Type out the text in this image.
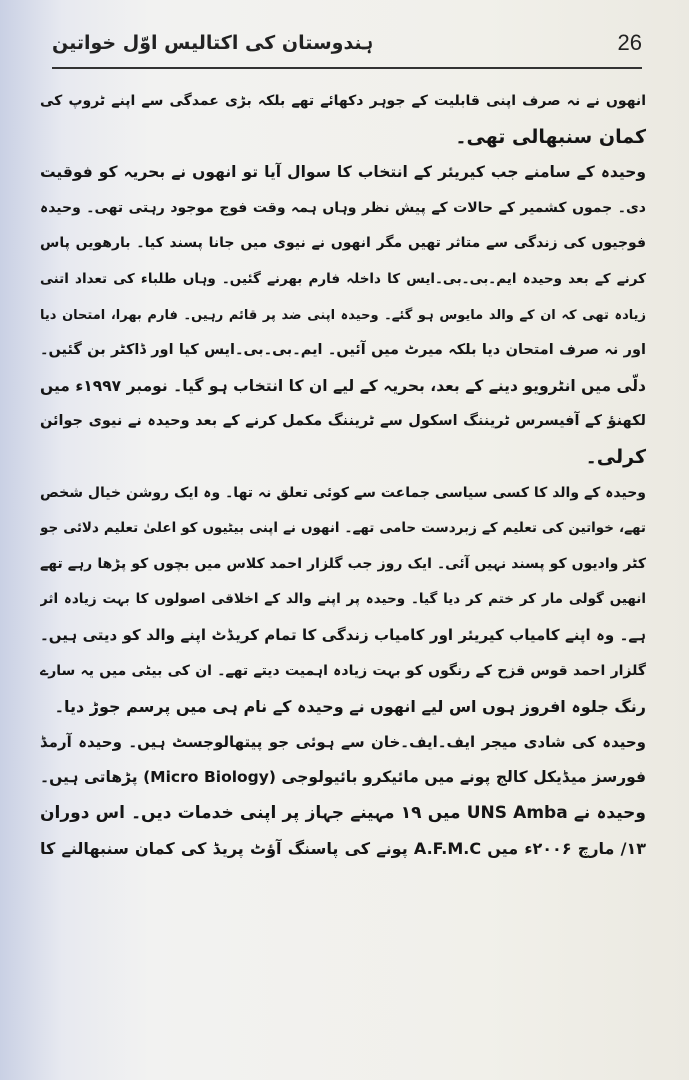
ہندوستان کی اکتالیس اوّل خواتین	26
انھوں نے نہ صرف اپنی قابلیت کے جوہر دکھائے تھے بلکہ بڑی عمدگی سے اپنے ٹروپ کی
کمان سنبھالی تھی۔
وحیدہ کے سامنے جب کیریئر کے انتخاب کا سوال آیا تو انھوں نے بحریہ کو فوقیت
دی۔ جموں کشمیر کے حالات کے پیش نظر وہاں ہمہ وقت فوج موجود رہتی تھی۔ وحیدہ
فوجیوں کی زندگی سے متاثر تھیں مگر انھوں نے نیوی میں جانا پسند کیا۔ بارھویں پاس
کرنے کے بعد وحیدہ ایم۔بی۔بی۔ایس کا داخلہ فارم بھرنے گئیں۔ وہاں طلباء کی تعداد اتنی
زیادہ تھی کہ ان کے والد مایوس ہو گئے۔ وحیدہ اپنی ضد پر قائم رہیں۔ فارم بھرا، امتحان دیا
اور نہ صرف امتحان دیا بلکہ میرٹ میں آئیں۔ ایم۔بی۔بی۔ایس کیا اور ڈاکٹر بن گئیں۔
دلّی میں انٹرویو دینے کے بعد، بحریہ کے لیے ان کا انتخاب ہو گیا۔ نومبر ۱۹۹۷ء میں
لکھنؤ کے آفیسرس ٹریننگ اسکول سے ٹریننگ مکمل کرنے کے بعد وحیدہ نے نیوی جوائن
کرلی۔
وحیدہ کے والد کا کسی سیاسی جماعت سے کوئی تعلق نہ تھا۔ وہ ایک روشن خیال شخص
تھے، خواتین کی تعلیم کے زبردست حامی تھے۔ انھوں نے اپنی بیٹیوں کو اعلیٰ تعلیم دلائی جو
کٹر وادیوں کو پسند نہیں آئی۔ ایک روز جب گلزار احمد کلاس میں بچوں کو پڑھا رہے تھے
انھیں گولی مار کر ختم کر دیا گیا۔ وحیدہ پر اپنے والد کے اخلاقی اصولوں کا بہت زیادہ اثر
ہے۔ وہ اپنے کامیاب کیریئر اور کامیاب زندگی کا تمام کریڈٹ اپنے والد کو دیتی ہیں۔
گلزار احمد قوس قزح کے رنگوں کو بہت زیادہ اہمیت دیتے تھے۔ ان کی بیٹی میں یہ سارے
رنگ جلوہ افروز ہوں اس لیے انھوں نے وحیدہ کے نام ہی میں پرسم جوڑ دیا۔
وحیدہ کی شادی میجر ایف۔ایف۔خان سے ہوئی جو پیتھالوجسٹ ہیں۔ وحیدہ آرمڈ
فورسز میڈیکل کالج پونے میں مائیکرو بائیولوجی (Micro Biology) پڑھاتی ہیں۔
وحیدہ نے UNS Amba میں ۱۹ مہینے جہاز پر اپنی خدمات دیں۔ اس دوران
۱۳/ مارچ ۲۰۰۶ء میں A.F.M.C پونے کی پاسنگ آؤٹ پریڈ کی کمان سنبھالنے کا
